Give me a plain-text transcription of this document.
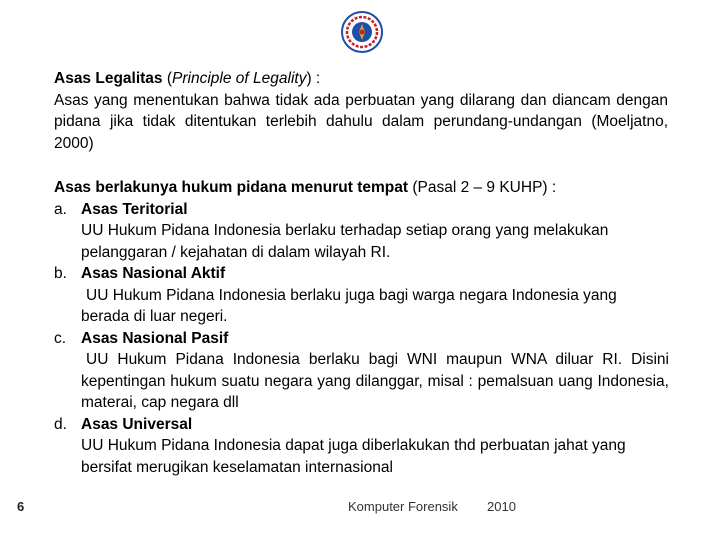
Asas Legalitas (Principle of Legality) :
Asas yang menentukan bahwa tidak ada perbuatan yang dilarang dan diancam dengan pidana jika tidak ditentukan terlebih dahulu dalam perundang-undangan (Moeljatno, 2000)
Asas berlakunya hukum pidana menurut tempat (Pasal 2 – 9 KUHP) :
a. Asas Teritorial
UU Hukum Pidana Indonesia berlaku terhadap setiap orang yang melakukan pelanggaran / kejahatan di dalam wilayah RI.
b. Asas Nasional Aktif
UU Hukum Pidana Indonesia berlaku juga bagi warga negara Indonesia yang berada di luar negeri.
c. Asas Nasional Pasif
UU Hukum Pidana Indonesia berlaku bagi WNI maupun WNA diluar RI. Disini kepentingan hukum suatu negara yang dilanggar, misal : pemalsuan uang Indonesia, materai, cap negara dll
d. Asas Universal
UU Hukum Pidana Indonesia dapat juga diberlakukan thd perbuatan jahat yang bersifat merugikan keselamatan internasional
6	Komputer Forensik 2010
